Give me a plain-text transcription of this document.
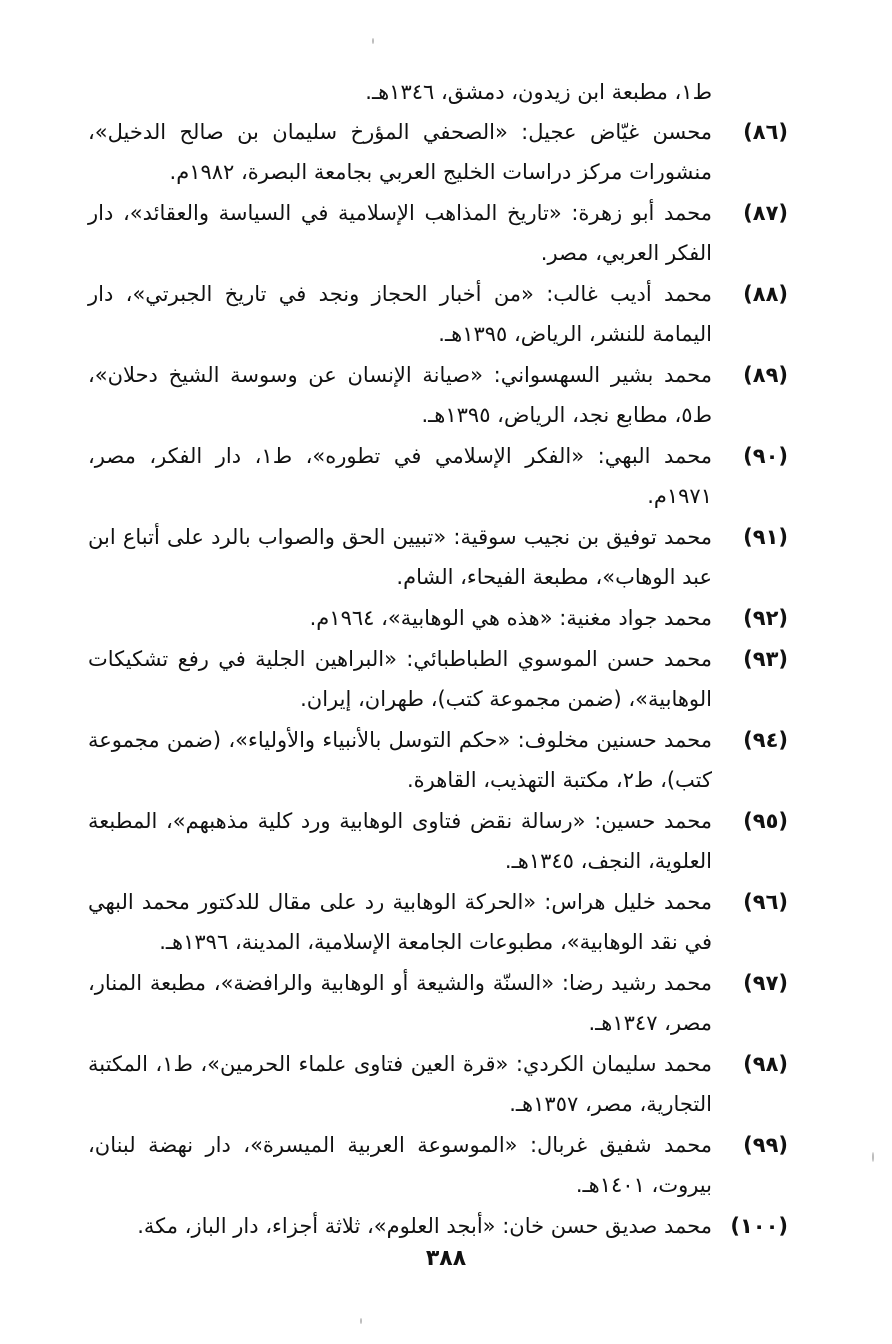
ط۱، مطبعة ابن زيدون، دمشق، ۱۳٤٦هـ.
(۸٦)
محسن غيّاض عجيل: «الصحفي المؤرخ سليمان بن صالح الدخيل»، منشورات مركز دراسات الخليج العربي بجامعة البصرة، ۱۹۸۲م.
(۸۷)
محمد أبو زهرة: «تاريخ المذاهب الإسلامية في السياسة والعقائد»، دار الفكر العربي، مصر.
(۸۸)
محمد أديب غالب: «من أخبار الحجاز ونجد في تاريخ الجبرتي»، دار اليمامة للنشر، الرياض، ۱۳۹٥هـ.
(۸۹)
محمد بشير السهسواني: «صيانة الإنسان عن وسوسة الشيخ دحلان»، ط٥، مطابع نجد، الرياض، ۱۳۹٥هـ.
(۹۰)
محمد البهي: «الفكر الإسلامي في تطوره»، ط۱، دار الفكر، مصر، ۱۹۷۱م.
(۹۱)
محمد توفيق بن نجيب سوقية: «تبيين الحق والصواب بالرد على أتباع ابن عبد الوهاب»، مطبعة الفيحاء، الشام.
(۹۲)
محمد جواد مغنية: «هذه هي الوهابية»، ۱۹٦٤م.
(۹۳)
محمد حسن الموسوي الطباطبائي: «البراهين الجلية في رفع تشكيكات الوهابية»، (ضمن مجموعة كتب)، طهران، إيران.
(۹٤)
محمد حسنين مخلوف: «حكم التوسل بالأنبياء والأولياء»، (ضمن مجموعة كتب)، ط۲، مكتبة التهذيب، القاهرة.
(۹٥)
محمد حسين: «رسالة نقض فتاوى الوهابية ورد كلية مذهبهم»، المطبعة العلوية، النجف، ۱۳٤٥هـ.
(۹٦)
محمد خليل هراس: «الحركة الوهابية رد على مقال للدكتور محمد البهي في نقد الوهابية»، مطبوعات الجامعة الإسلامية، المدينة، ۱۳۹٦هـ.
(۹۷)
محمد رشيد رضا: «السنّة والشيعة أو الوهابية والرافضة»، مطبعة المنار، مصر، ۱۳٤۷هـ.
(۹۸)
محمد سليمان الكردي: «قرة العين فتاوى علماء الحرمين»، ط۱، المكتبة التجارية، مصر، ۱۳٥۷هـ.
(۹۹)
محمد شفيق غربال: «الموسوعة العربية الميسرة»، دار نهضة لبنان، بيروت، ۱٤۰۱هـ.
(۱۰۰)
محمد صديق حسن خان: «أبجد العلوم»، ثلاثة أجزاء، دار الباز، مكة.
۳۸۸
